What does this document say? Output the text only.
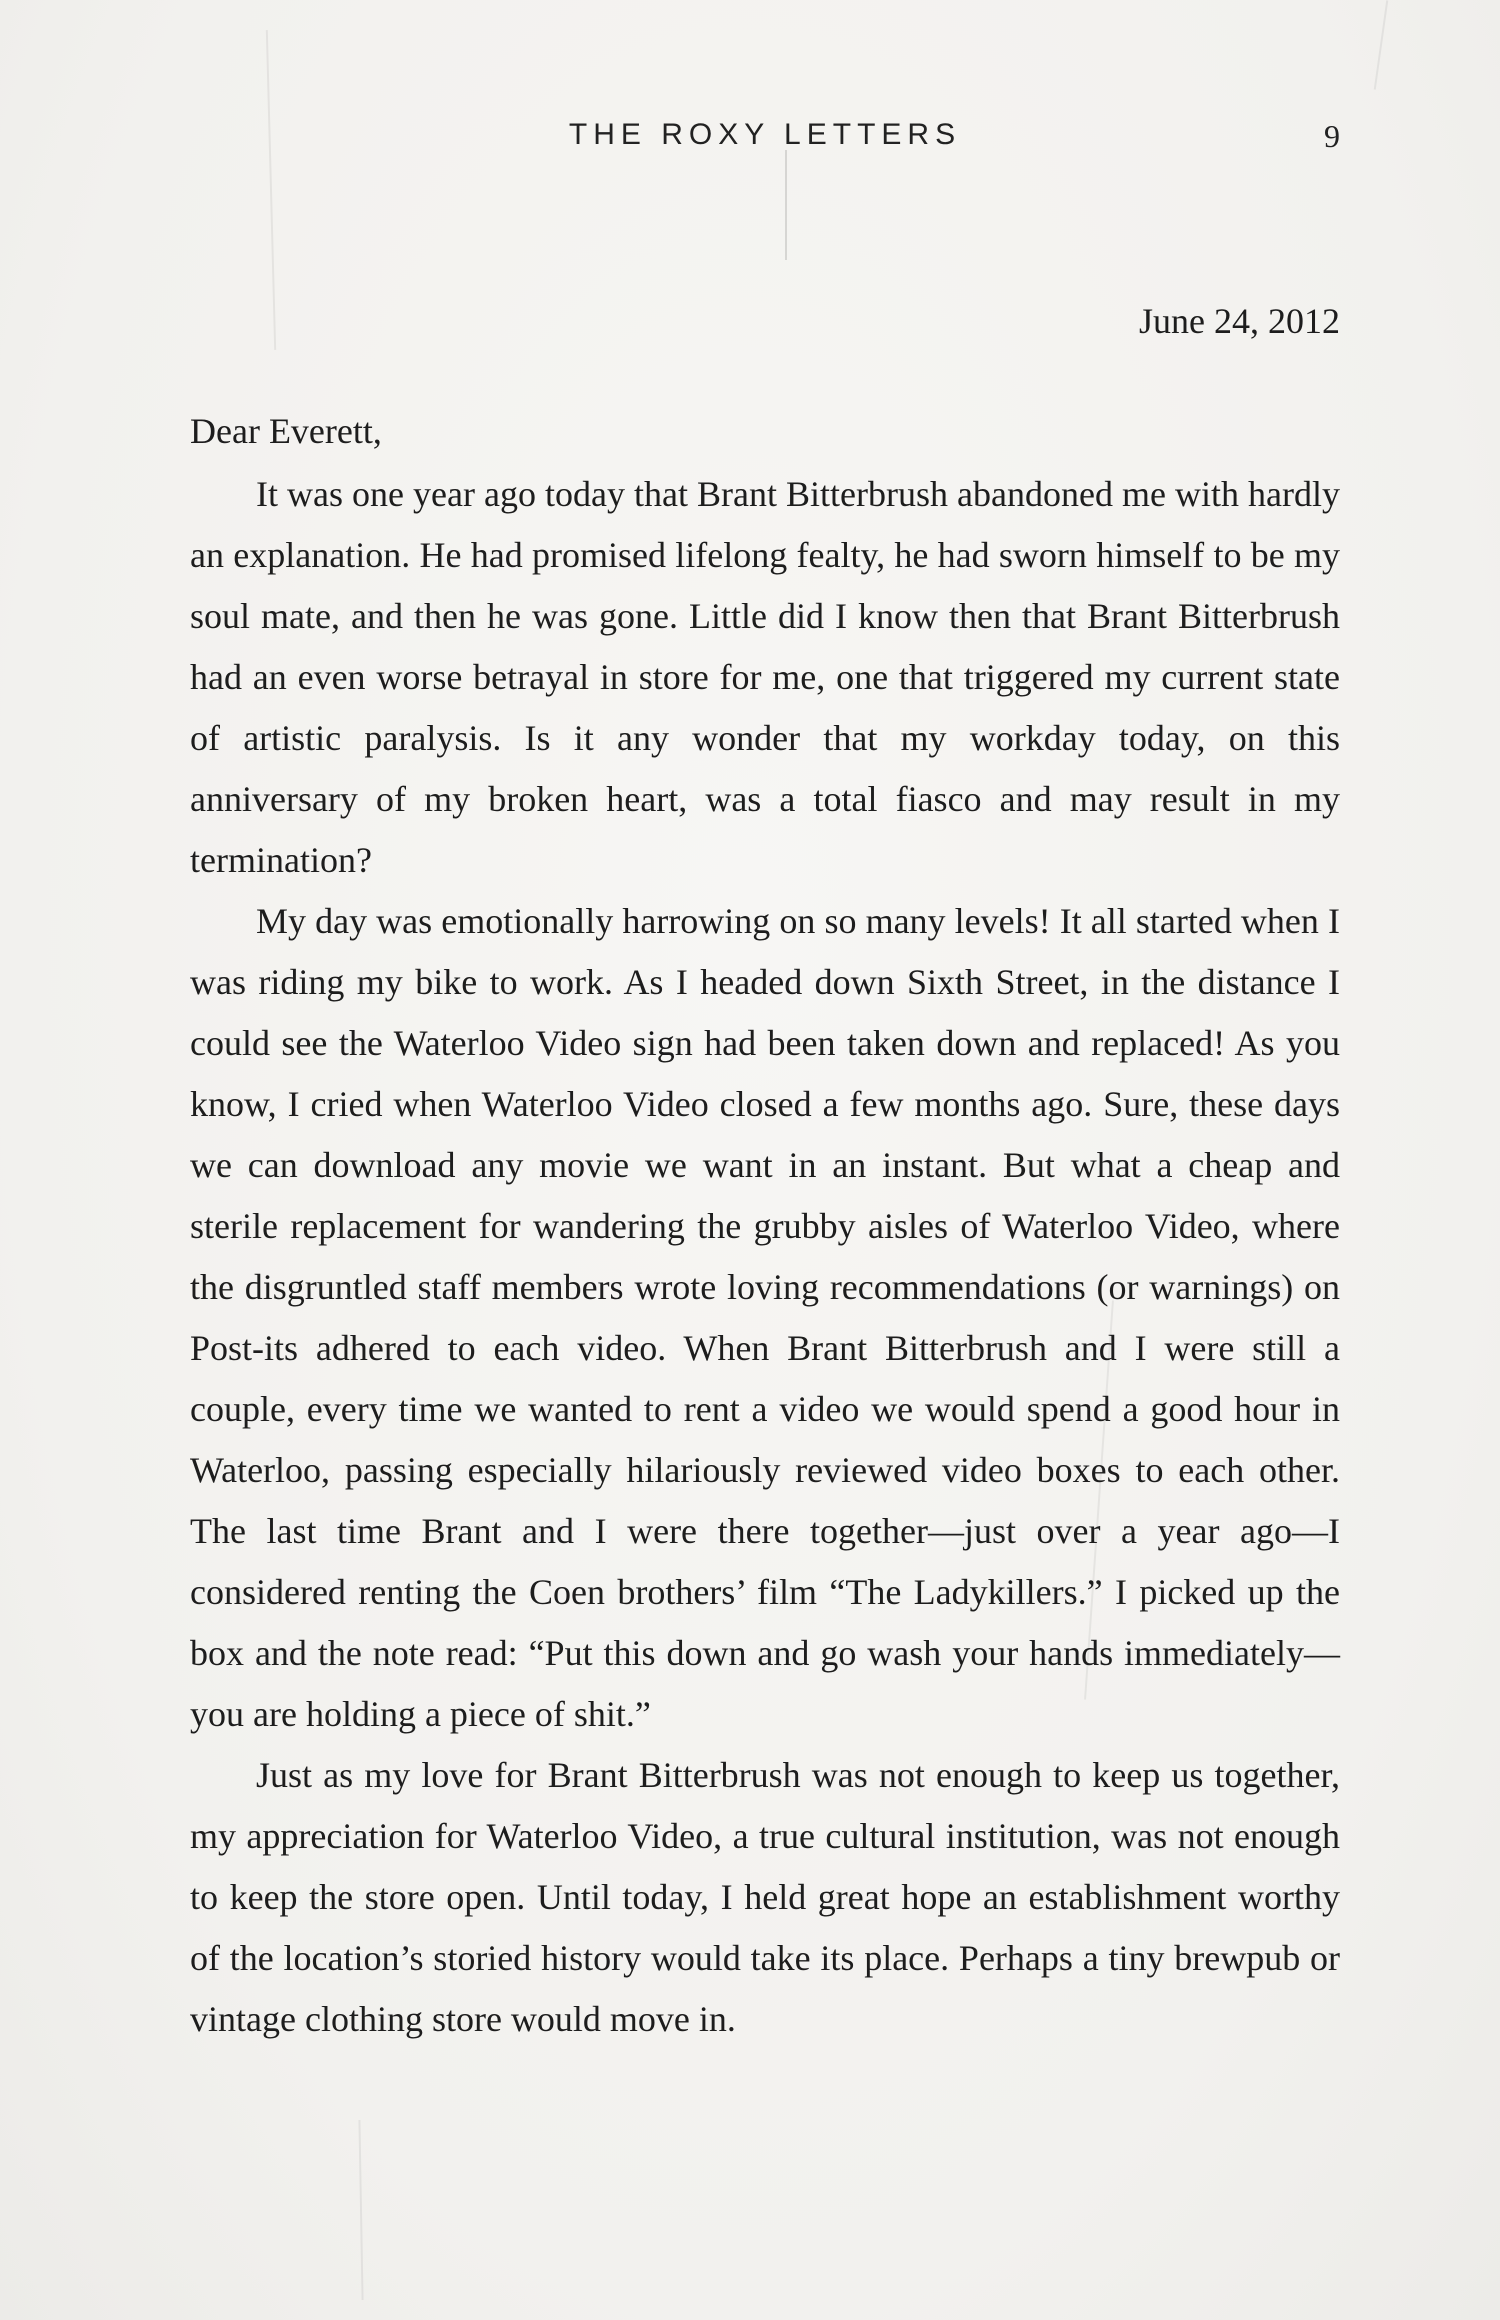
THE ROXY LETTERS	9
June 24, 2012
Dear Everett,

It was one year ago today that Brant Bitterbrush abandoned me with hardly an explanation. He had promised lifelong fealty, he had sworn himself to be my soul mate, and then he was gone. Little did I know then that Brant Bitterbrush had an even worse betrayal in store for me, one that triggered my current state of artistic paralysis. Is it any wonder that my workday today, on this anniversary of my broken heart, was a total fiasco and may result in my termination?

My day was emotionally harrowing on so many levels! It all started when I was riding my bike to work. As I headed down Sixth Street, in the distance I could see the Waterloo Video sign had been taken down and replaced! As you know, I cried when Waterloo Video closed a few months ago. Sure, these days we can download any movie we want in an instant. But what a cheap and sterile replacement for wandering the grubby aisles of Waterloo Video, where the disgruntled staff members wrote loving recommendations (or warnings) on Post-its adhered to each video. When Brant Bitterbrush and I were still a couple, every time we wanted to rent a video we would spend a good hour in Waterloo, passing especially hilariously reviewed video boxes to each other. The last time Brant and I were there together—just over a year ago—I considered renting the Coen brothers’ film “The Ladykillers.” I picked up the box and the note read: “Put this down and go wash your hands immediately—you are holding a piece of shit.”

Just as my love for Brant Bitterbrush was not enough to keep us together, my appreciation for Waterloo Video, a true cultural institution, was not enough to keep the store open. Until today, I held great hope an establishment worthy of the location’s storied history would take its place. Perhaps a tiny brewpub or vintage clothing store would move in.
